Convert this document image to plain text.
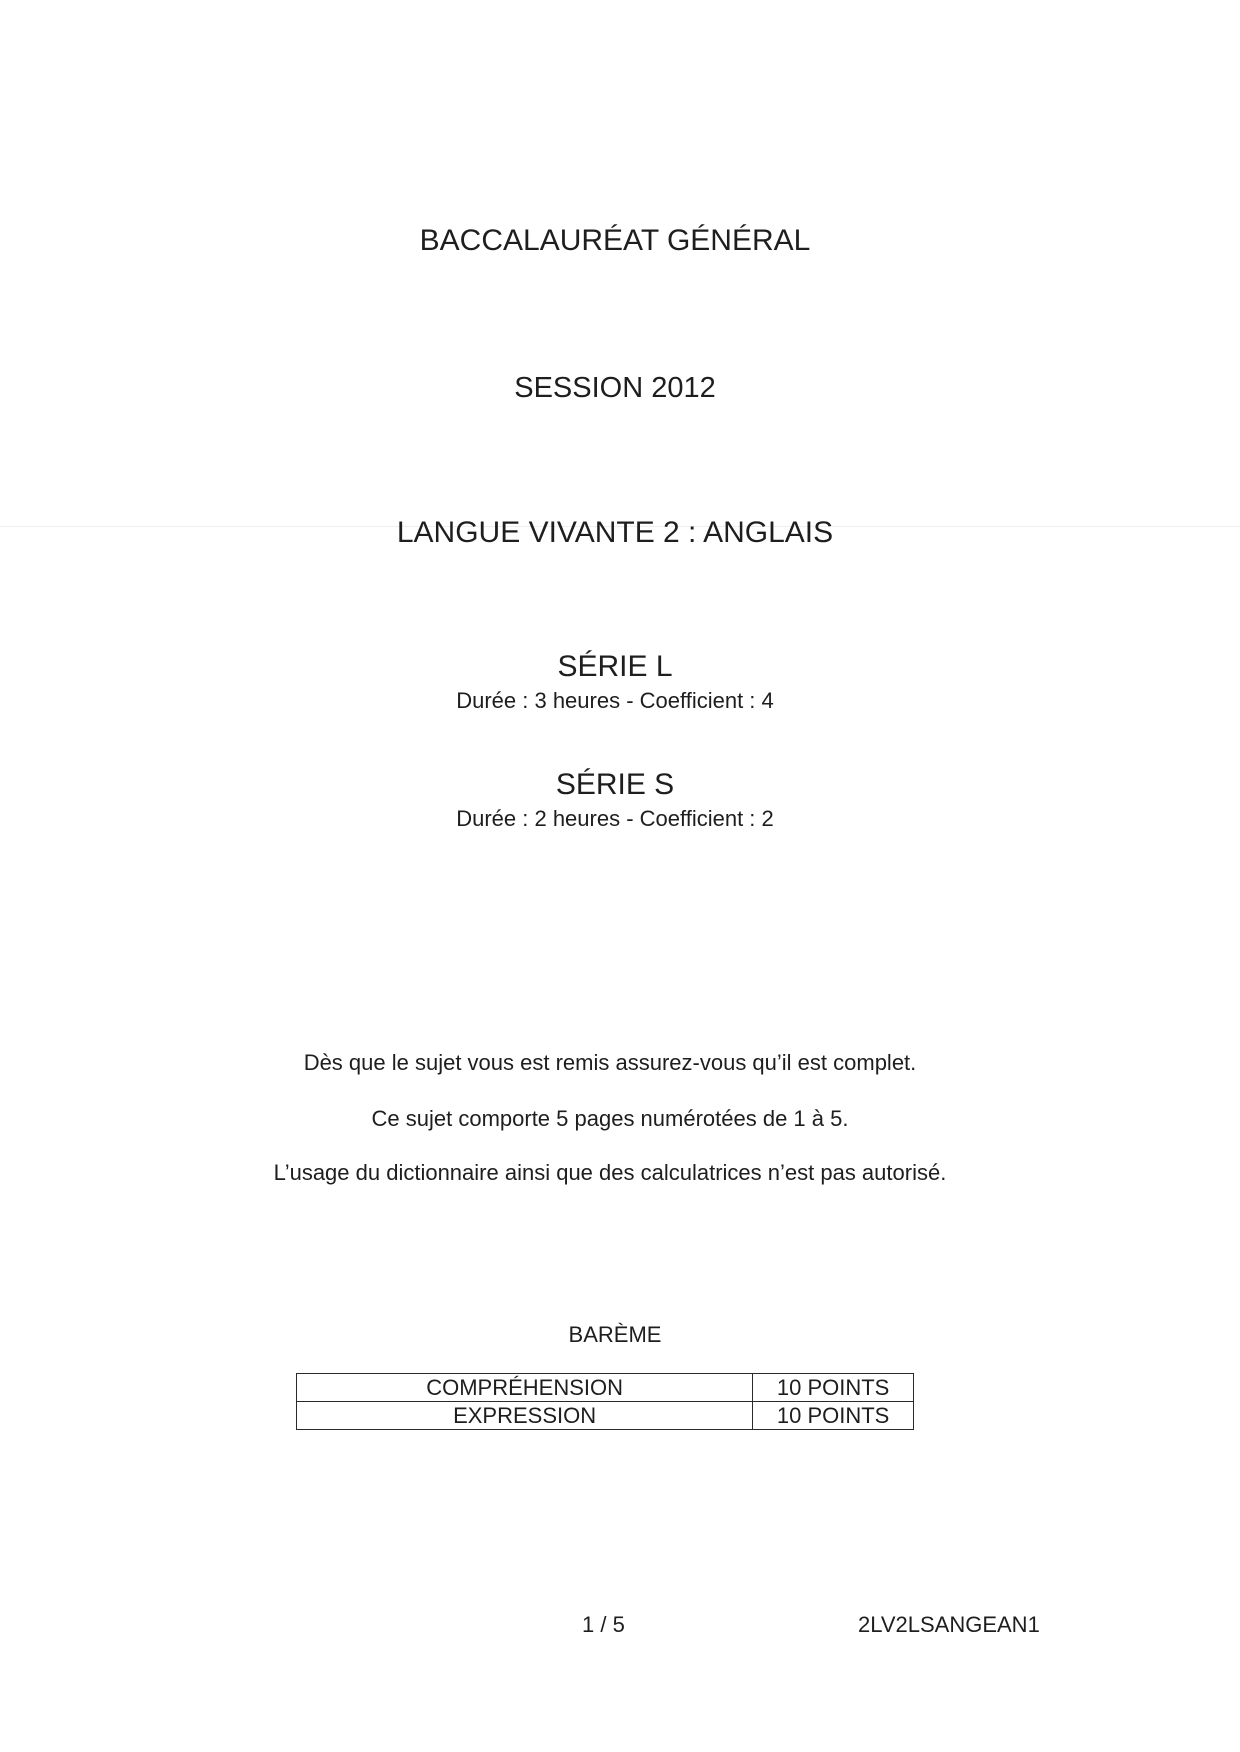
BACCALAURÉAT GÉNÉRAL
SESSION 2012
LANGUE VIVANTE 2 : ANGLAIS
SÉRIE L
Durée : 3 heures - Coefficient : 4
SÉRIE S
Durée : 2 heures - Coefficient : 2
Dès que le sujet vous est remis assurez-vous qu’il est complet.
Ce sujet comporte 5 pages numérotées de 1 à 5.
L’usage du dictionnaire ainsi que des calculatrices n’est pas autorisé.
BARÈME
COMPRÉHENSION	10 POINTS
EXPRESSION	10 POINTS
1 / 5	2LV2LSANGEAN1
